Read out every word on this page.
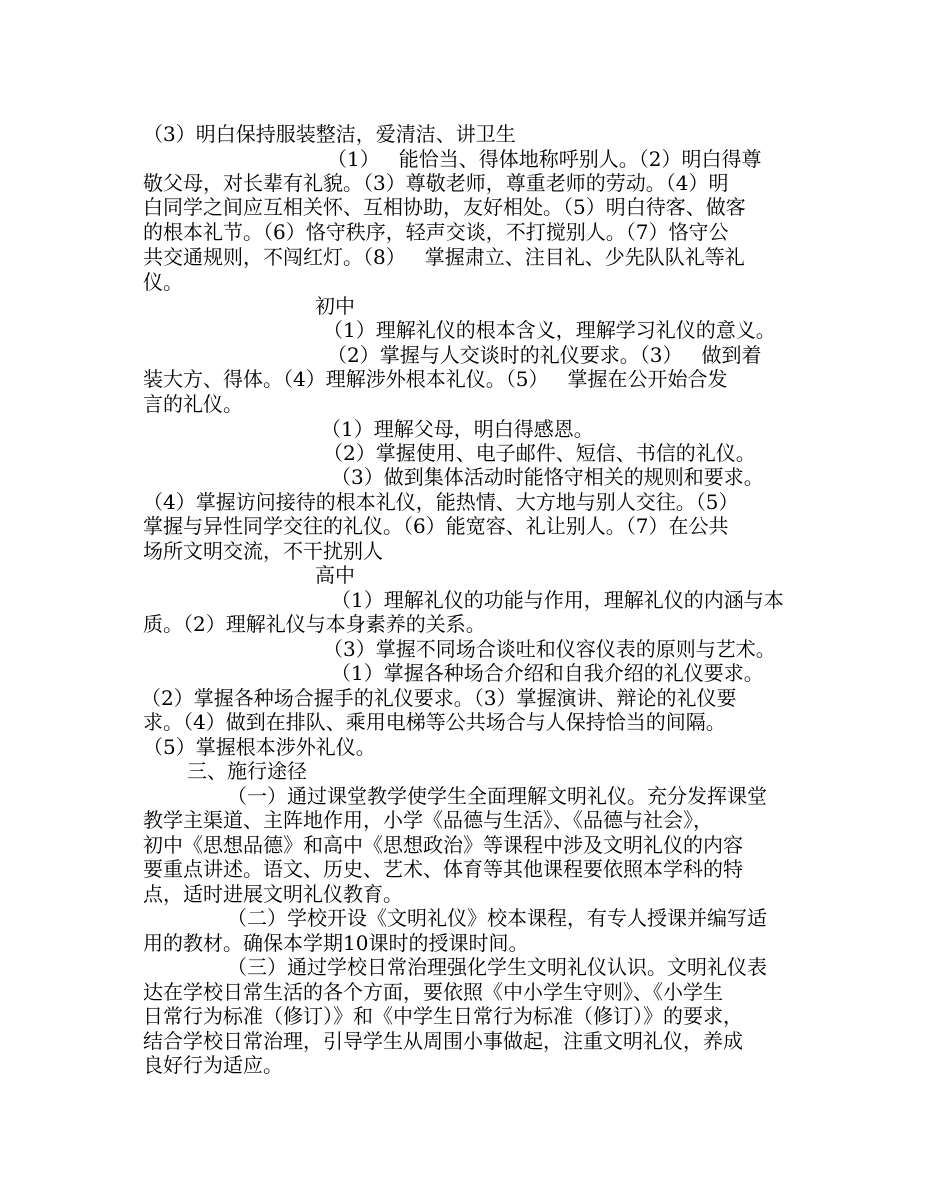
（3）明白保持服装整洁，爱清洁、讲卫生
（1）   能恰当、得体地称呼别人。（2）明白得尊
敬父母，对长辈有礼貌。（3）尊敬老师，尊重老师的劳动。（4）明
白同学之间应互相关怀、互相协助，友好相处。（5）明白待客、做客
的根本礼节。（6）恪守秩序，轻声交谈，不打搅别人。（7）恪守公
共交通规则，不闯红灯。（8）   掌握肃立、注目礼、少先队队礼等礼
仪。
初中
（1）理解礼仪的根本含义，理解学习礼仪的意义。
（2）掌握与人交谈时的礼仪要求。（3）   做到着
装大方、得体。（4）理解涉外根本礼仪。（5）   掌握在公开始合发
言的礼仪。
（1）理解父母，明白得感恩。
（2）掌握使用、电子邮件、短信、书信的礼仪。
（3）做到集体活动时能恪守相关的规则和要求。
（4）掌握访问接待的根本礼仪，能热情、大方地与别人交往。（5）
掌握与异性同学交往的礼仪。（6）能宽容、礼让别人。（7）在公共
场所文明交流，不干扰别人
高中
（1）理解礼仪的功能与作用，理解礼仪的内涵与本
质。（2）理解礼仪与本身素养的关系。
（3）掌握不同场合谈吐和仪容仪表的原则与艺术。
（1）掌握各种场合介绍和自我介绍的礼仪要求。
（2）掌握各种场合握手的礼仪要求。（3）掌握演讲、辩论的礼仪要
求。（4）做到在排队、乘用电梯等公共场合与人保持恰当的间隔。
（5）掌握根本涉外礼仪。
三、施行途径
（一）通过课堂教学使学生全面理解文明礼仪。充分发挥课堂
教学主渠道、主阵地作用，小学《品德与生活》、《品德与社会》，
初中《思想品德》和高中《思想政治》等课程中涉及文明礼仪的内容
要重点讲述。语文、历史、艺术、体育等其他课程要依照本学科的特
点，适时进展文明礼仪教育。
（二）学校开设《文明礼仪》校本课程，有专人授课并编写适
用的教材。确保本学期10课时的授课时间。
（三）通过学校日常治理强化学生文明礼仪认识。文明礼仪表
达在学校日常生活的各个方面，要依照《中小学生守则》、《小学生
日常行为标准（修订）》和《中学生日常行为标准（修订）》的要求，
结合学校日常治理，引导学生从周围小事做起，注重文明礼仪，养成
良好行为适应。
